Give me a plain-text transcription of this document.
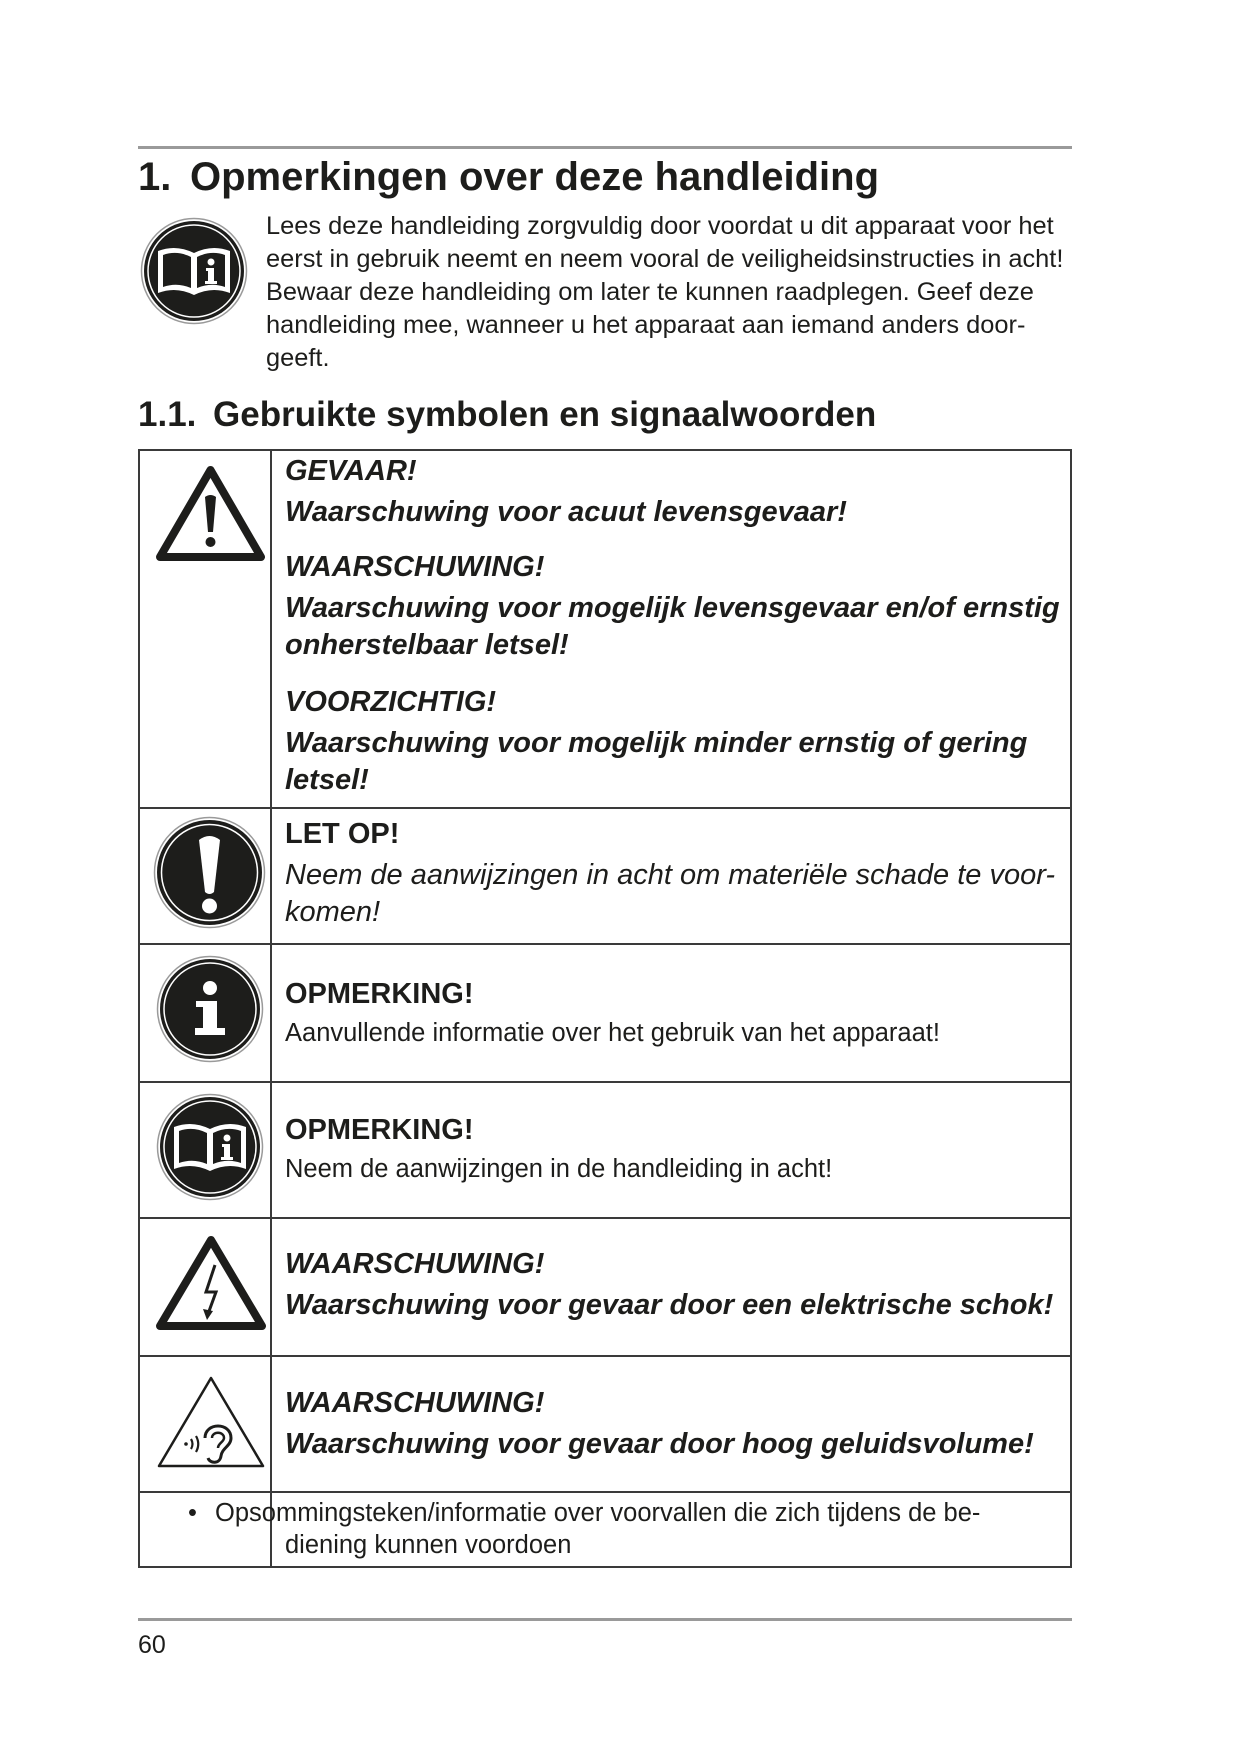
1. Opmerkingen over deze handleiding
Lees deze handleiding zorgvuldig door voordat u dit apparaat voor het
eerst in gebruik neemt en neem vooral de veiligheidsinstructies in acht!
Bewaar deze handleiding om later te kunnen raadplegen. Geef deze
handleiding mee, wanneer u het apparaat aan iemand anders door-
geeft.
1.1. Gebruikte symbolen en signaalwoorden
GEVAAR!
Waarschuwing voor acuut levensgevaar!
WAARSCHUWING!
Waarschuwing voor mogelijk levensgevaar en/of ernstig
onherstelbaar letsel!
VOORZICHTIG!
Waarschuwing voor mogelijk minder ernstig of gering
letsel!
LET OP!
Neem de aanwijzingen in acht om materiële schade te voor-
komen!
OPMERKING!
Aanvullende informatie over het gebruik van het apparaat!
OPMERKING!
Neem de aanwijzingen in de handleiding in acht!
WAARSCHUWING!
Waarschuwing voor gevaar door een elektrische schok!
WAARSCHUWING!
Waarschuwing voor gevaar door hoog geluidsvolume!
• Opsommingsteken/informatie over voorvallen die zich tijdens de be-
diening kunnen voordoen
60
